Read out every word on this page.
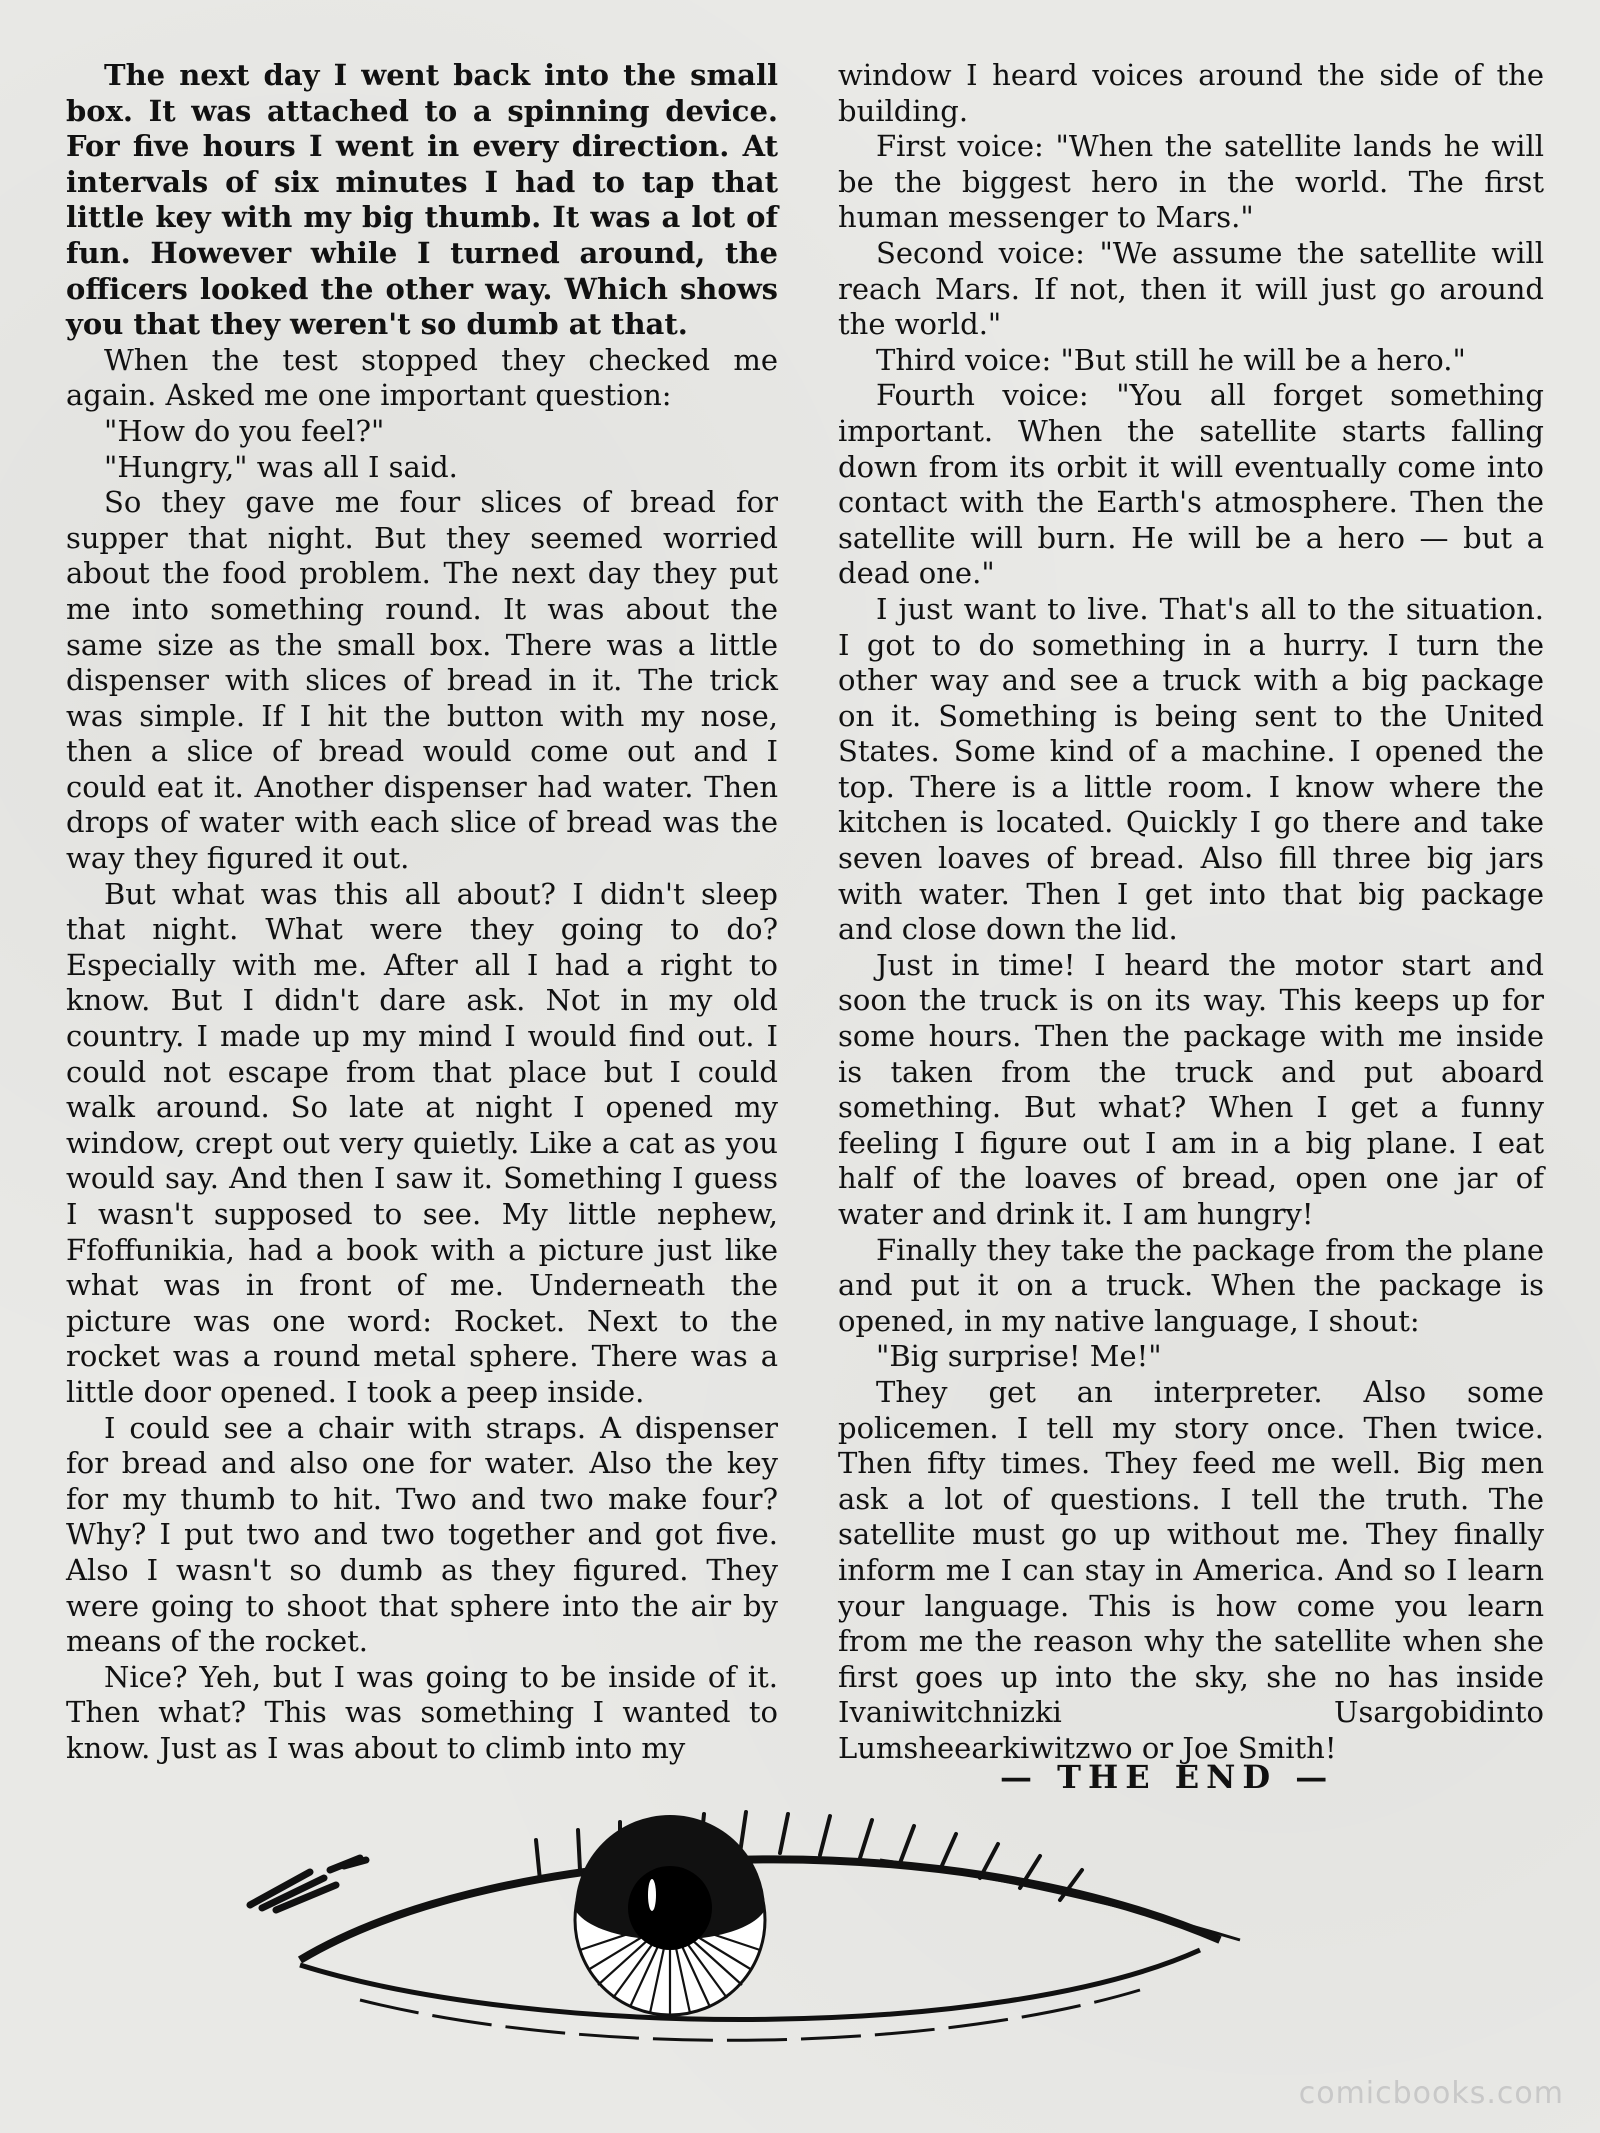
The next day I went back into the small box. It was attached to a spinning device. For five hours I went in every direction. At intervals of six minutes I had to tap that little key with my big thumb. It was a lot of fun. However while I turned around, the officers looked the other way. Which shows you that they weren't so dumb at that.

When the test stopped they checked me again. Asked me one important question:

"How do you feel?"

"Hungry," was all I said.

So they gave me four slices of bread for supper that night. But they seemed worried about the food problem. The next day they put me into something round. It was about the same size as the small box. There was a little dispenser with slices of bread in it. The trick was simple. If I hit the button with my nose, then a slice of bread would come out and I could eat it. Another dispenser had water. Then drops of water with each slice of bread was the way they figured it out.

But what was this all about? I didn't sleep that night. What were they going to do? Especially with me. After all I had a right to know. But I didn't dare ask. Not in my old country. I made up my mind I would find out. I could not escape from that place but I could walk around. So late at night I opened my window, crept out very quietly. Like a cat as you would say. And then I saw it. Something I guess I wasn't supposed to see. My little nephew, Ffoffunikia, had a book with a picture just like what was in front of me. Underneath the picture was one word: Rocket. Next to the rocket was a round metal sphere. There was a little door opened. I took a peep inside.

I could see a chair with straps. A dispenser for bread and also one for water. Also the key for my thumb to hit. Two and two make four? Why? I put two and two together and got five. Also I wasn't so dumb as they figured. They were going to shoot that sphere into the air by means of the rocket.

Nice? Yeh, but I was going to be inside of it. Then what? This was something I wanted to know. Just as I was about to climb into my

window I heard voices around the side of the building.

First voice: "When the satellite lands he will be the biggest hero in the world. The first human messenger to Mars."

Second voice: "We assume the satellite will reach Mars. If not, then it will just go around the world."

Third voice: "But still he will be a hero."

Fourth voice: "You all forget something important. When the satellite starts falling down from its orbit it will eventually come into contact with the Earth's atmosphere. Then the satellite will burn. He will be a hero — but a dead one."

I just want to live. That's all to the situation. I got to do something in a hurry. I turn the other way and see a truck with a big package on it. Something is being sent to the United States. Some kind of a machine. I opened the top. There is a little room. I know where the kitchen is located. Quickly I go there and take seven loaves of bread. Also fill three big jars with water. Then I get into that big package and close down the lid.

Just in time! I heard the motor start and soon the truck is on its way. This keeps up for some hours. Then the package with me inside is taken from the truck and put aboard something. But what? When I get a funny feeling I figure out I am in a big plane. I eat half of the loaves of bread, open one jar of water and drink it. I am hungry!

Finally they take the package from the plane and put it on a truck. When the package is opened, in my native language, I shout:

"Big surprise! Me!"

They get an interpreter. Also some policemen. I tell my story once. Then twice. Then fifty times. They feed me well. Big men ask a lot of questions. I tell the truth. The satellite must go up without me. They finally inform me I can stay in America. And so I learn your language. This is how come you learn from me the reason why the satellite when she first goes up into the sky, she no has inside Ivaniwitchnizki Usargobidinto Lumsheearkiwitzwo or Joe Smith!

— THE END —
comicbooks.com
